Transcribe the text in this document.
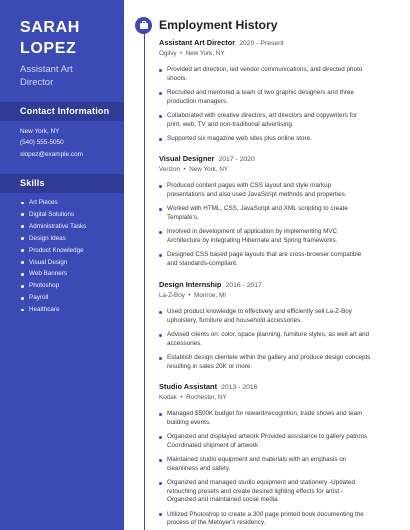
SARAH
LOPEZ
Assistant Art
Director
Contact Information
New York, NY
(540) 555-5050
slopez@example.com
Skills
Art Pieces
Digital Solutions
Administrative Tasks
Design Ideas
Product Knowledge
Visual Design
Web Banners
Photoshop
Payroll
Healthcare
Employment History
Assistant Art Director 2020 - Present
Ogilvy  •  New York, NY
Provided art direction, led vendor communications, and directed photo
shoots.
Recruited and mentored a team of two graphic designers and three
production managers.
Collaborated with creative directors, art directors and copywriters for
print, web, TV and non-traditional advertising.
Supported six magazine web sites plus online store.
Visual Designer 2017 - 2020
Verizon  •  New York, NY
Produced content pages with CSS layout and style markup
presentations and also used JavaScript methods and properties.
Worked with HTML, CSS, JavaScript and XML scripting to create
Template's.
Involved in development of application by implementing MVC
Architecture by integrating Hibernate and Spring frameworks.
Designed CSS based page layouts that are cross-browser compatible
and standards-compliant.
Design Internship 2016 - 2017
La-Z-Boy  •  Monroe, MI
Used product knowledge to effectively and efficiently sell La-Z-Boy
upholstery, furniture and household accessories.
Advised clients on: color, space planning, furniture styles, as well art and
accessories.
Establish design clientele within the gallery and produce design concepts
resulting in sales 20K or more.
Studio Assistant 2013 - 2016
Kodak  •  Rochester, NY
Managed $500K budget for reward/recognition, trade shows and team
building events.
Organized and displayed artwork Provided assistance to gallery patrons
Coordinated shipment of artwork
Maintained studio equipment and materials with an emphasis on
cleanliness and safety.
Organized and managed studio equipment and stationery -Updated
retouching presets and create desired lighting effects for artist -
Organized and maintained social media
Utilized Photoshop to create a 300 page printed book documenting the
process of the Metoyer's residency.
